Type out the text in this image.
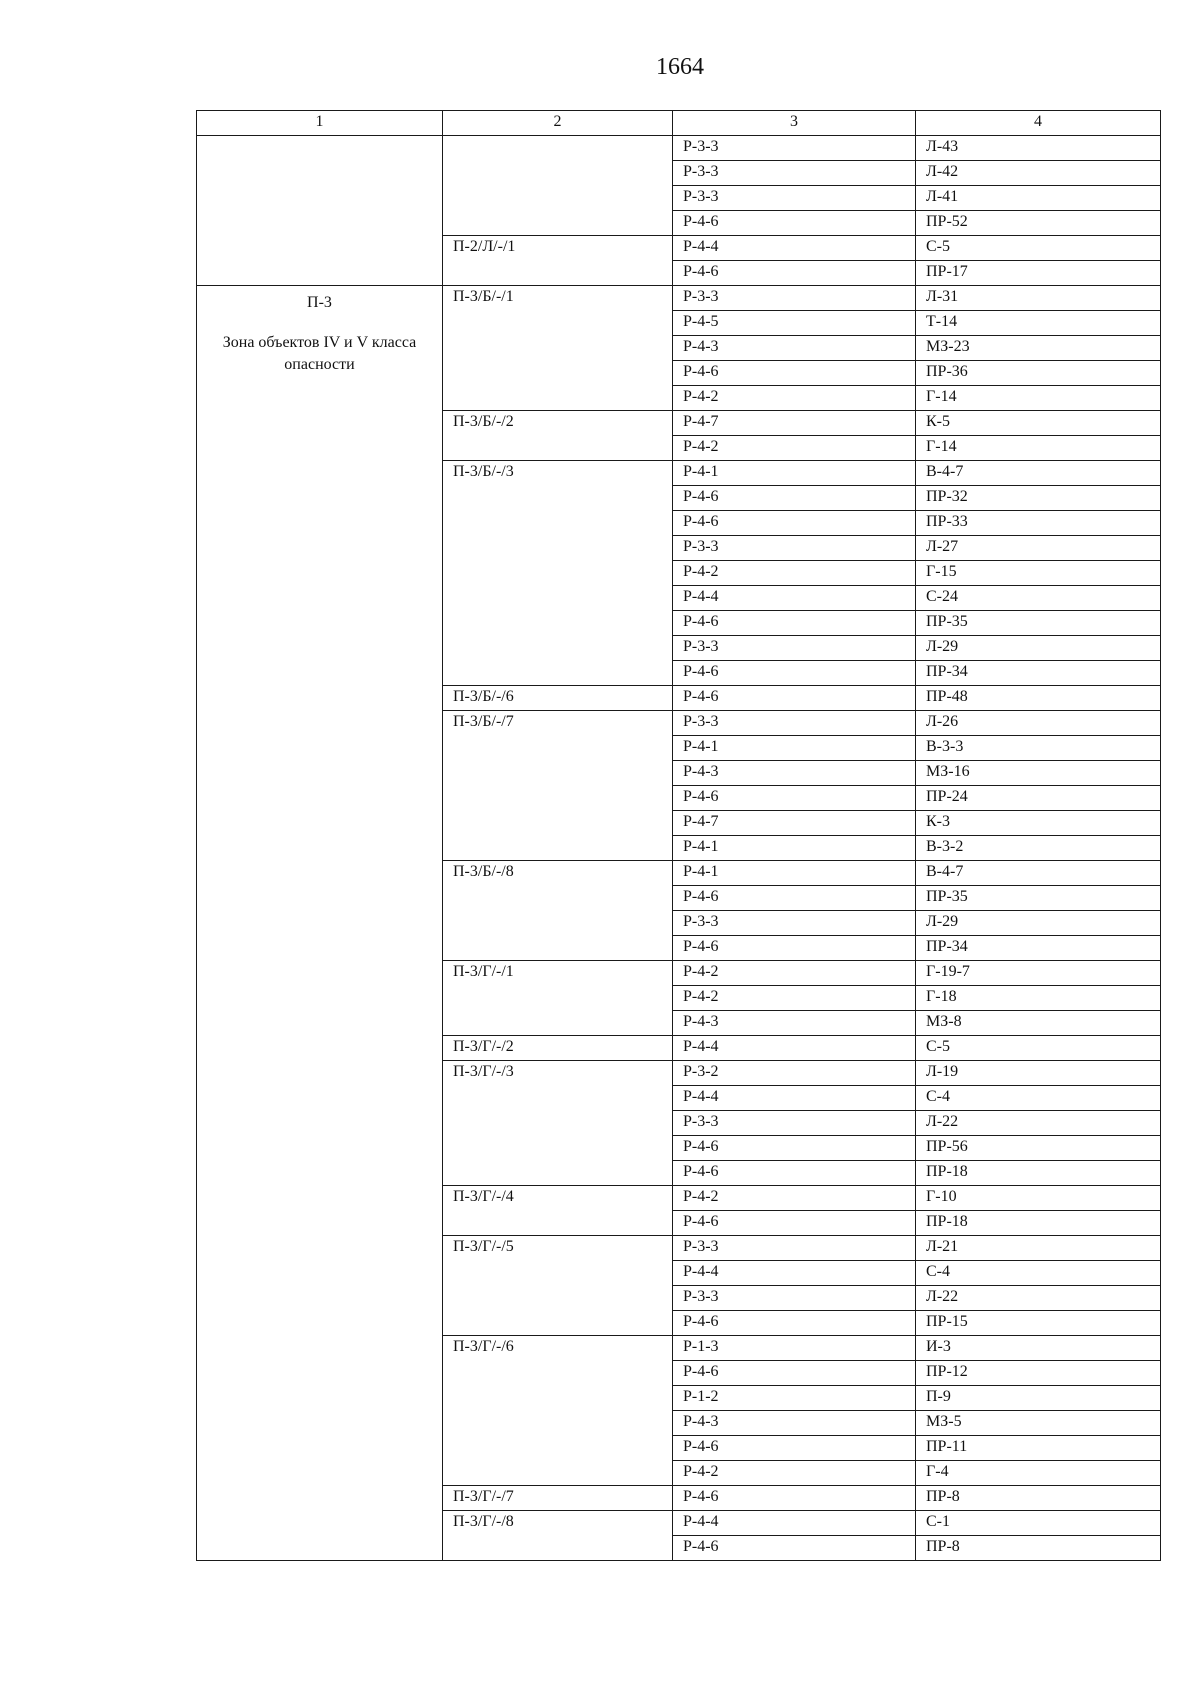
1664
1	2	3	4

		Р-3-3	Л-43
		Р-3-3	Л-42
		Р-3-3	Л-41
		Р-4-6	ПР-52
	П-2/Л/-/1	Р-4-4	С-5
		Р-4-6	ПР-17

П-3
Зона объектов IV и V класса опасности	П-3/Б/-/1	Р-3-3	Л-31
		Р-4-5	Т-14
		Р-4-3	МЗ-23
		Р-4-6	ПР-36
		Р-4-2	Г-14
	П-3/Б/-/2	Р-4-7	К-5
		Р-4-2	Г-14
	П-3/Б/-/3	Р-4-1	В-4-7
		Р-4-6	ПР-32
		Р-4-6	ПР-33
		Р-3-3	Л-27
		Р-4-2	Г-15
		Р-4-4	С-24
		Р-4-6	ПР-35
		Р-3-3	Л-29
		Р-4-6	ПР-34
	П-3/Б/-/6	Р-4-6	ПР-48
	П-3/Б/-/7	Р-3-3	Л-26
		Р-4-1	В-3-3
		Р-4-3	МЗ-16
		Р-4-6	ПР-24
		Р-4-7	К-3
		Р-4-1	В-3-2
	П-3/Б/-/8	Р-4-1	В-4-7
		Р-4-6	ПР-35
		Р-3-3	Л-29
		Р-4-6	ПР-34
	П-3/Г/-/1	Р-4-2	Г-19-7
		Р-4-2	Г-18
		Р-4-3	МЗ-8
	П-3/Г/-/2	Р-4-4	С-5
	П-3/Г/-/3	Р-3-2	Л-19
		Р-4-4	С-4
		Р-3-3	Л-22
		Р-4-6	ПР-56
		Р-4-6	ПР-18
	П-3/Г/-/4	Р-4-2	Г-10
		Р-4-6	ПР-18
	П-3/Г/-/5	Р-3-3	Л-21
		Р-4-4	С-4
		Р-3-3	Л-22
		Р-4-6	ПР-15
	П-3/Г/-/6	Р-1-3	И-3
		Р-4-6	ПР-12
		Р-1-2	П-9
		Р-4-3	МЗ-5
		Р-4-6	ПР-11
		Р-4-2	Г-4
	П-3/Г/-/7	Р-4-6	ПР-8
	П-3/Г/-/8	Р-4-4	С-1
		Р-4-6	ПР-8
